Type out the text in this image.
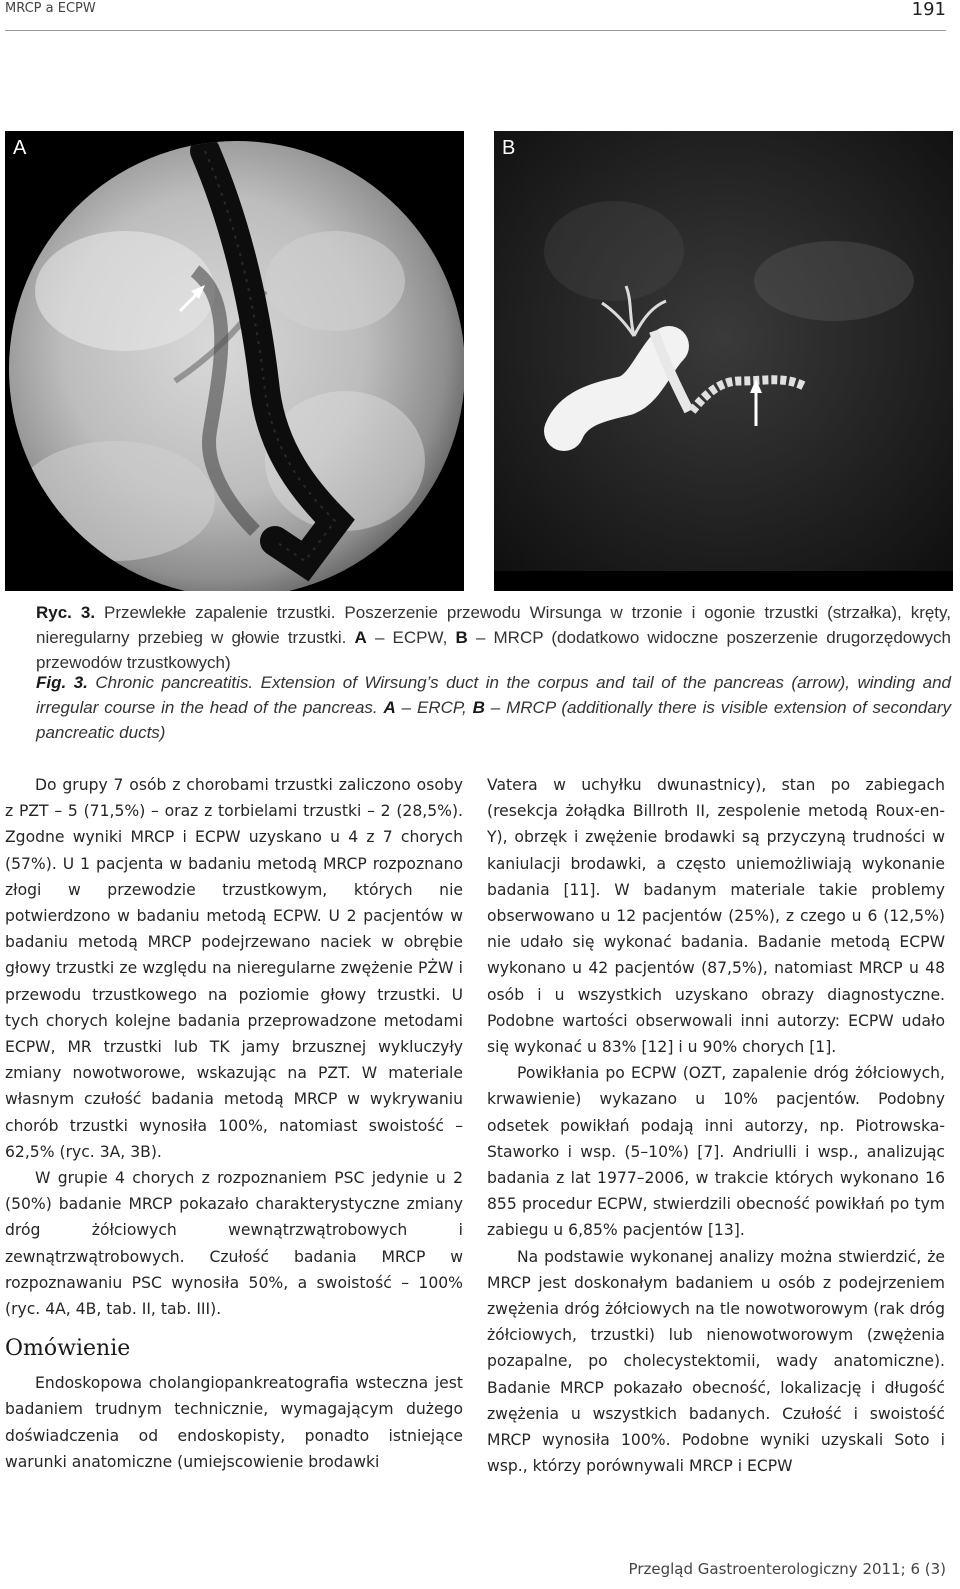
MRCP a ECPW	191
A	B
Ryc. 3. Przewlekłe zapalenie trzustki. Poszerzenie przewodu Wirsunga w trzonie i ogonie trzustki (strzałka), kręty, nieregularny przebieg w głowie trzustki. A – ECPW, B – MRCP (dodatkowo widoczne poszerzenie drugorzędowych przewodów trzustkowych)
Fig. 3. Chronic pancreatitis. Extension of Wirsung’s duct in the corpus and tail of the pancreas (arrow), winding and irregular course in the head of the pancreas. A – ERCP, B – MRCP (additionally there is visible extension of secondary pancreatic ducts)

Do grupy 7 osób z chorobami trzustki zaliczono osoby z PZT – 5 (71,5%) – oraz z torbielami trzustki – 2 (28,5%). Zgodne wyniki MRCP i ECPW uzyskano u 4 z 7 chorych (57%). U 1 pacjenta w badaniu metodą MRCP rozpoznano złogi w przewodzie trzustkowym, których nie potwierdzono w badaniu metodą ECPW. U 2 pacjentów w badaniu metodą MRCP podejrzewano naciek w obrębie głowy trzustki ze względu na nieregularne zwężenie PŻW i przewodu trzustkowego na poziomie głowy trzustki. U tych chorych kolejne badania przeprowadzone metodami ECPW, MR trzustki lub TK jamy brzusznej wykluczyły zmiany nowotworowe, wskazując na PZT. W materiale własnym czułość badania metodą MRCP w wykrywaniu chorób trzustki wynosiła 100%, natomiast swoistość – 62,5% (ryc. 3A, 3B).

W grupie 4 chorych z rozpoznaniem PSC jedynie u 2 (50%) badanie MRCP pokazało charakterystyczne zmiany dróg żółciowych wewnątrzwątrobowych i zewnątrzwątrobowych. Czułość badania MRCP w rozpoznawaniu PSC wynosiła 50%, a swoistość – 100% (ryc. 4A, 4B, tab. II, tab. III).

Omówienie

Endoskopowa cholangiopankreatografia wsteczna jest badaniem trudnym technicznie, wymagającym dużego doświadczenia od endoskopisty, ponadto istniejące warunki anatomiczne (umiejscowienie brodawki

Vatera w uchyłku dwunastnicy), stan po zabiegach (resekcja żołądka Billroth II, zespolenie metodą Roux-en-Y), obrzęk i zwężenie brodawki są przyczyną trudności w kaniulacji brodawki, a często uniemożliwiają wykonanie badania [11]. W badanym materiale takie problemy obserwowano u 12 pacjentów (25%), z czego u 6 (12,5%) nie udało się wykonać badania. Badanie metodą ECPW wykonano u 42 pacjentów (87,5%), natomiast MRCP u 48 osób i u wszystkich uzyskano obrazy diagnostyczne. Podobne wartości obserwowali inni autorzy: ECPW udało się wykonać u 83% [12] i u 90% chorych [1].

Powikłania po ECPW (OZT, zapalenie dróg żółciowych, krwawienie) wykazano u 10% pacjentów. Podobny odsetek powikłań podają inni autorzy, np. Piotrowska-Staworko i wsp. (5–10%) [7]. Andriulli i wsp., analizując badania z lat 1977–2006, w trakcie których wykonano 16 855 procedur ECPW, stwierdzili obecność powikłań po tym zabiegu u 6,85% pacjentów [13].

Na podstawie wykonanej analizy można stwierdzić, że MRCP jest doskonałym badaniem u osób z podejrzeniem zwężenia dróg żółciowych na tle nowotworowym (rak dróg żółciowych, trzustki) lub nienowotworowym (zwężenia pozapalne, po cholecystektomii, wady anatomiczne). Badanie MRCP pokazało obecność, lokalizację i długość zwężenia u wszystkich badanych. Czułość i swoistość MRCP wynosiła 100%. Podobne wyniki uzyskali Soto i wsp., którzy porównywali MRCP i ECPW

Przegląd Gastroenterologiczny 2011; 6 (3)
